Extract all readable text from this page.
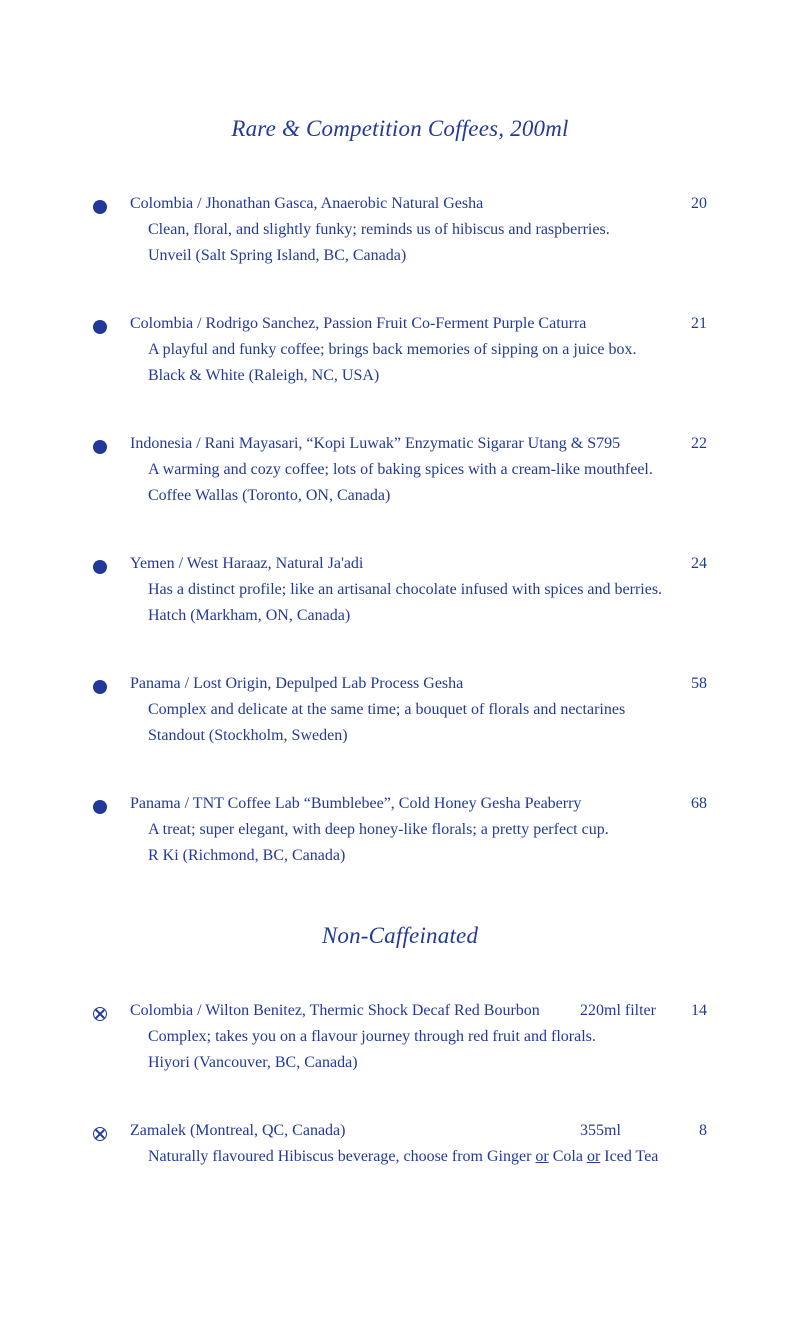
Rare & Competition Coffees, 200ml
Colombia / Jhonathan Gasca, Anaerobic Natural Gesha	20
Clean, floral, and slightly funky; reminds us of hibiscus and raspberries.
Unveil (Salt Spring Island, BC, Canada)
Colombia / Rodrigo Sanchez, Passion Fruit Co-Ferment Purple Caturra	21
A playful and funky coffee; brings back memories of sipping on a juice box.
Black & White (Raleigh, NC, USA)
Indonesia / Rani Mayasari, “Kopi Luwak” Enzymatic Sigarar Utang & S795	22
A warming and cozy coffee; lots of baking spices with a cream-like mouthfeel.
Coffee Wallas (Toronto, ON, Canada)
Yemen / West Haraaz, Natural Ja'adi	24
Has a distinct profile; like an artisanal chocolate infused with spices and berries.
Hatch (Markham, ON, Canada)
Panama / Lost Origin, Depulped Lab Process Gesha	58
Complex and delicate at the same time; a bouquet of florals and nectarines
Standout (Stockholm, Sweden)
Panama / TNT Coffee Lab “Bumblebee”, Cold Honey Gesha Peaberry	68
A treat; super elegant, with deep honey-like florals; a pretty perfect cup.
R Ki (Richmond, BC, Canada)
Non-Caffeinated
Colombia / Wilton Benitez, Thermic Shock Decaf Red Bourbon	220ml filter 14
Complex; takes you on a flavour journey through red fruit and florals.
Hiyori (Vancouver, BC, Canada)
Zamalek (Montreal, QC, Canada)	355ml	8
Naturally flavoured Hibiscus beverage, choose from Ginger or Cola or Iced Tea
